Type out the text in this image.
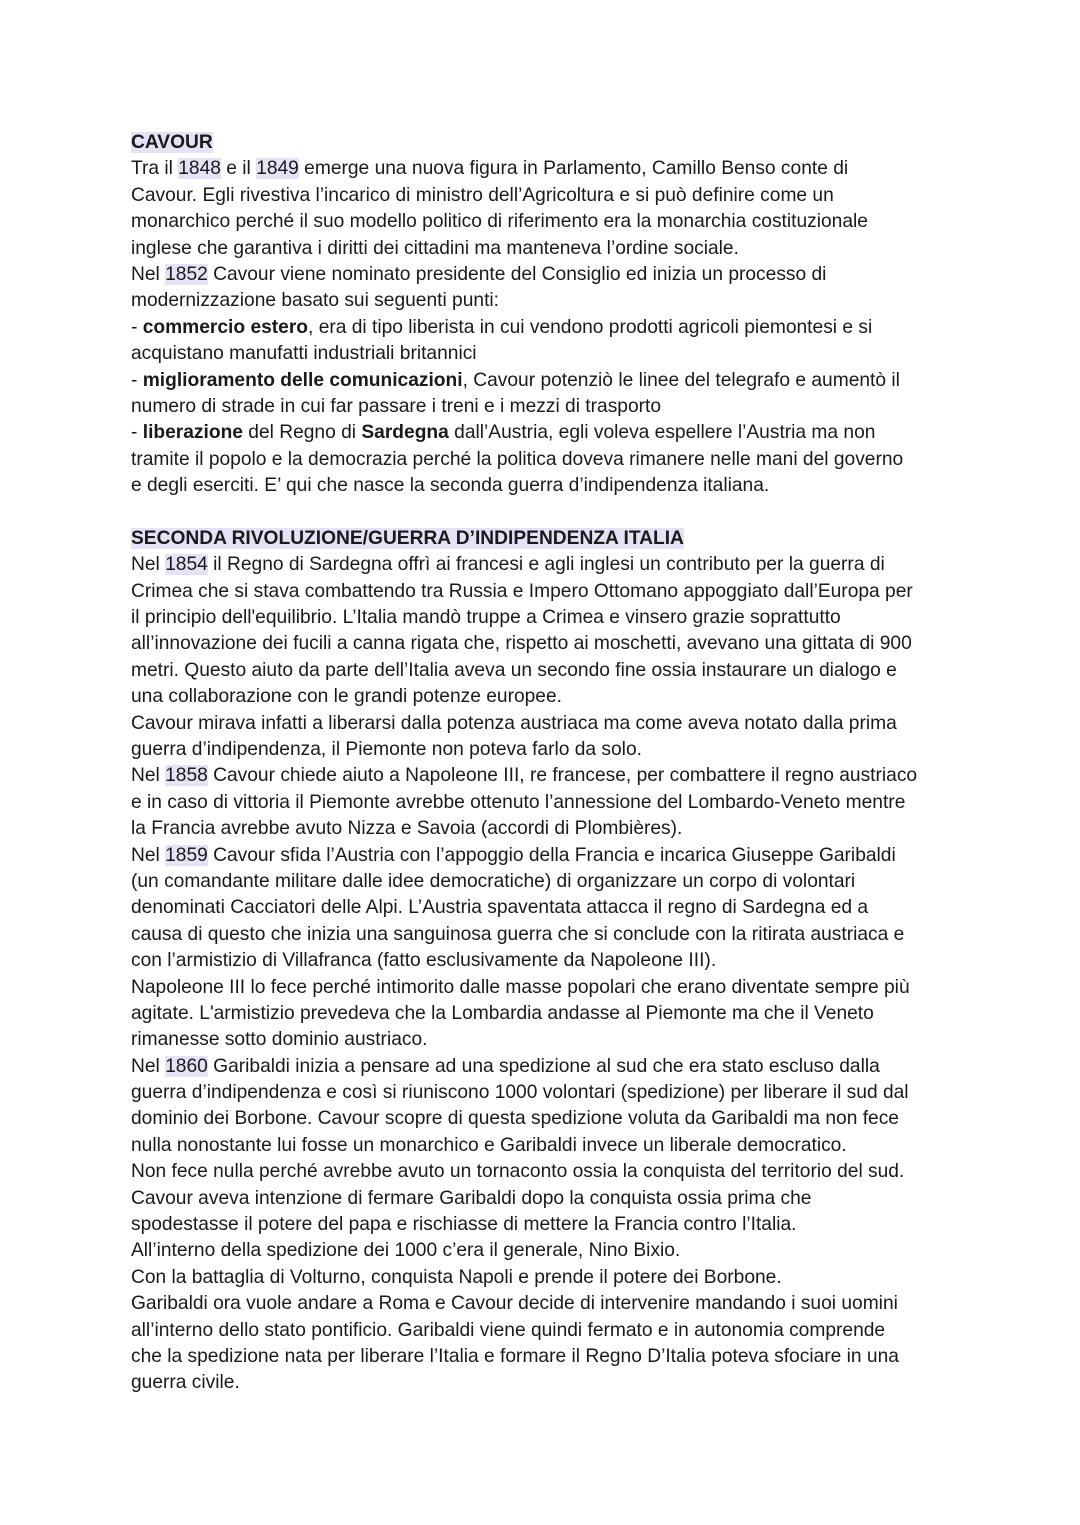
CAVOUR
Tra il 1848 e il 1849 emerge una nuova figura in Parlamento, Camillo Benso conte di
Cavour. Egli rivestiva l’incarico di ministro dell’Agricoltura e si può definire come un
monarchico perché il suo modello politico di riferimento era la monarchia costituzionale
inglese che garantiva i diritti dei cittadini ma manteneva l’ordine sociale.
Nel 1852 Cavour viene nominato presidente del Consiglio ed inizia un processo di
modernizzazione basato sui seguenti punti:
- commercio estero, era di tipo liberista in cui vendono prodotti agricoli piemontesi e si
acquistano manufatti industriali britannici
- miglioramento delle comunicazioni, Cavour potenziò le linee del telegrafo e aumentò il
numero di strade in cui far passare i treni e i mezzi di trasporto
- liberazione del Regno di Sardegna dall’Austria, egli voleva espellere l’Austria ma non
tramite il popolo e la democrazia perché la politica doveva rimanere nelle mani del governo
e degli eserciti. E’ qui che nasce la seconda guerra d’indipendenza italiana.
SECONDA RIVOLUZIONE/GUERRA D’INDIPENDENZA ITALIA
Nel 1854 il Regno di Sardegna offrì ai francesi e agli inglesi un contributo per la guerra di
Crimea che si stava combattendo tra Russia e Impero Ottomano appoggiato dall’Europa per
il principio dell'equilibrio. L’Italia mandò truppe a Crimea e vinsero grazie soprattutto
all’innovazione dei fucili a canna rigata che, rispetto ai moschetti, avevano una gittata di 900
metri. Questo aiuto da parte dell’Italia aveva un secondo fine ossia instaurare un dialogo e
una collaborazione con le grandi potenze europee.
Cavour mirava infatti a liberarsi dalla potenza austriaca ma come aveva notato dalla prima
guerra d’indipendenza, il Piemonte non poteva farlo da solo.
Nel 1858 Cavour chiede aiuto a Napoleone III, re francese, per combattere il regno austriaco
e in caso di vittoria il Piemonte avrebbe ottenuto l’annessione del Lombardo-Veneto mentre
la Francia avrebbe avuto Nizza e Savoia (accordi di Plombières).
Nel 1859 Cavour sfida l’Austria con l’appoggio della Francia e incarica Giuseppe Garibaldi
(un comandante militare dalle idee democratiche) di organizzare un corpo di volontari
denominati Cacciatori delle Alpi. L’Austria spaventata attacca il regno di Sardegna ed a
causa di questo che inizia una sanguinosa guerra che si conclude con la ritirata austriaca e
con l’armistizio di Villafranca (fatto esclusivamente da Napoleone III).
Napoleone III lo fece perché intimorito dalle masse popolari che erano diventate sempre più
agitate. L'armistizio prevedeva che la Lombardia andasse al Piemonte ma che il Veneto
rimanesse sotto dominio austriaco.
Nel 1860 Garibaldi inizia a pensare ad una spedizione al sud che era stato escluso dalla
guerra d’indipendenza e così si riuniscono 1000 volontari (spedizione) per liberare il sud dal
dominio dei Borbone. Cavour scopre di questa spedizione voluta da Garibaldi ma non fece
nulla nonostante lui fosse un monarchico e Garibaldi invece un liberale democratico.
Non fece nulla perché avrebbe avuto un tornaconto ossia la conquista del territorio del sud.
Cavour aveva intenzione di fermare Garibaldi dopo la conquista ossia prima che
spodestasse il potere del papa e rischiasse di mettere la Francia contro l’Italia.
All’interno della spedizione dei 1000 c’era il generale, Nino Bixio.
Con la battaglia di Volturno, conquista Napoli e prende il potere dei Borbone.
Garibaldi ora vuole andare a Roma e Cavour decide di intervenire mandando i suoi uomini
all’interno dello stato pontificio. Garibaldi viene quindi fermato e in autonomia comprende
che la spedizione nata per liberare l’Italia e formare il Regno D’Italia poteva sfociare in una
guerra civile.
